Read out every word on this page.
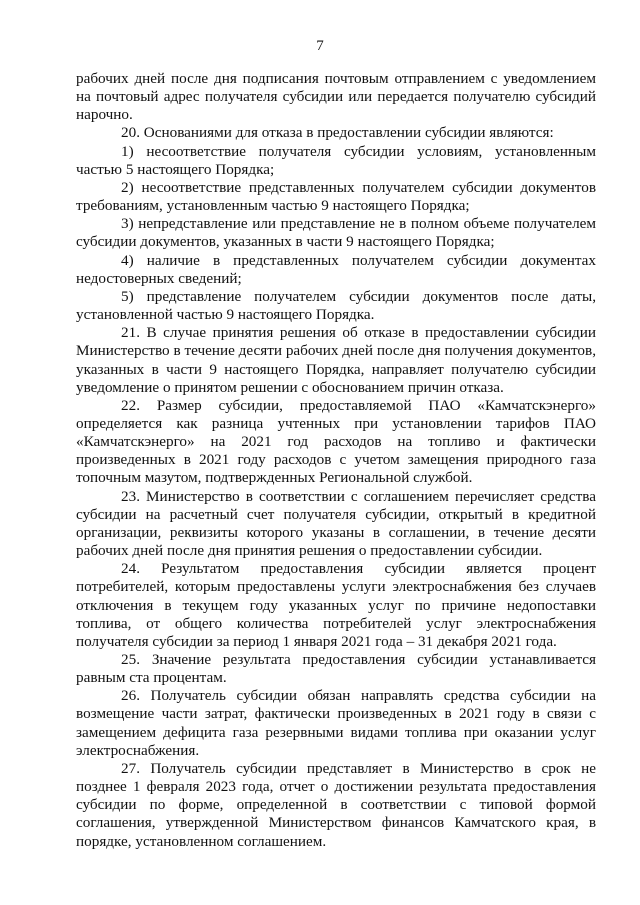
7

рабочих дней после дня подписания почтовым отправлением с уведомлением на почтовый адрес получателя субсидии или передается получателю субсидий нарочно.

20. Основаниями для отказа в предоставлении субсидии являются:

1) несоответствие получателя субсидии условиям, установленным частью 5 настоящего Порядка;

2) несоответствие представленных получателем субсидии документов требованиям, установленным частью 9 настоящего Порядка;

3) непредставление или представление не в полном объеме получателем субсидии документов, указанных в части 9 настоящего Порядка;

4) наличие в представленных получателем субсидии документах недостоверных сведений;

5) представление получателем субсидии документов после даты, установленной частью 9 настоящего Порядка.

21. В случае принятия решения об отказе в предоставлении субсидии Министерство в течение десяти рабочих дней после дня получения документов, указанных в части 9 настоящего Порядка, направляет получателю субсидии уведомление о принятом решении с обоснованием причин отказа.

22. Размер субсидии, предоставляемой ПАО «Камчатскэнерго» определяется как разница учтенных при установлении тарифов ПАО «Камчатскэнерго» на 2021 год расходов на топливо и фактически произведенных в 2021 году расходов с учетом замещения природного газа топочным мазутом, подтвержденных Региональной службой.

23. Министерство в соответствии с соглашением перечисляет средства субсидии на расчетный счет получателя субсидии, открытый в кредитной организации, реквизиты которого указаны в соглашении, в течение десяти рабочих дней после дня принятия решения о предоставлении субсидии.

24. Результатом предоставления субсидии является процент потребителей, которым предоставлены услуги электроснабжения без случаев отключения в текущем году указанных услуг по причине недопоставки топлива, от общего количества потребителей услуг электроснабжения получателя субсидии за период 1 января 2021 года – 31 декабря 2021 года.

25. Значение результата предоставления субсидии устанавливается равным ста процентам.

26. Получатель субсидии обязан направлять средства субсидии на возмещение части затрат, фактически произведенных в 2021 году в связи с замещением дефицита газа резервными видами топлива при оказании услуг электроснабжения.

27. Получатель субсидии представляет в Министерство в срок не позднее 1 февраля 2023 года, отчет о достижении результата предоставления субсидии по форме, определенной в соответствии с типовой формой соглашения, утвержденной Министерством финансов Камчатского края, в порядке, установленном соглашением.
